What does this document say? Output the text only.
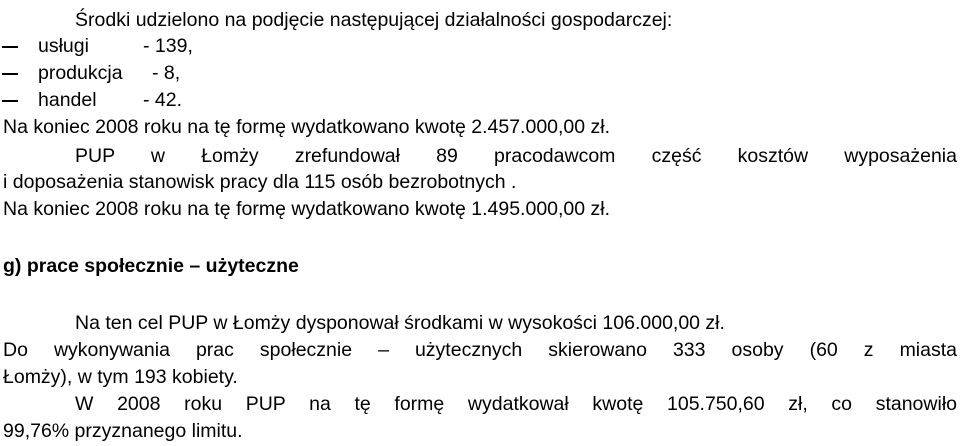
Środki udzielono na podjęcie następującej działalności gospodarczej:
usługi	- 139,
produkcja - 8,
handel - 42.
Na koniec 2008 roku na tę formę wydatkowano kwotę 2.457.000,00 zł.
PUP w Łomży zrefundował 89 pracodawcom część kosztów wyposażenia
i doposażenia stanowisk pracy dla 115 osób bezrobotnych .
Na koniec 2008 roku na tę formę wydatkowano kwotę 1.495.000,00 zł.
g) prace społecznie – użyteczne
Na ten cel PUP w Łomży dysponował środkami w wysokości 106.000,00 zł.
Do wykonywania prac społecznie – użytecznych skierowano 333 osoby (60 z miasta
Łomży), w tym 193 kobiety.
W 2008 roku PUP na tę formę wydatkował kwotę 105.750,60 zł, co stanowiło
99,76% przyznanego limitu.
